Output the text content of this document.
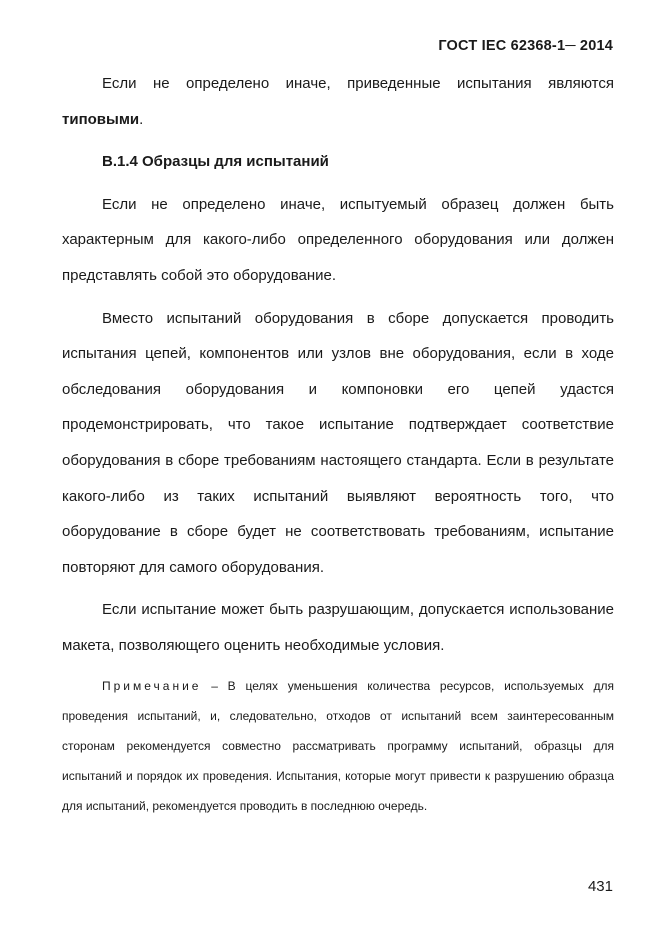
ГОСТ IEC 62368-1─ 2014

Если не определено иначе, приведенные испытания являются типовыми.

B.1.4 Образцы для испытаний

Если не определено иначе, испытуемый образец должен быть характерным для какого-либо определенного оборудования или должен представлять собой это оборудование.

Вместо испытаний оборудования в сборе допускается проводить испытания цепей, компонентов или узлов вне оборудования, если в ходе обследования оборудования и компоновки его цепей удастся продемонстрировать, что такое испытание подтверждает соответствие оборудования в сборе требованиям настоящего стандарта. Если в результате какого-либо из таких испытаний выявляют вероятность того, что оборудование в сборе будет не соответствовать требованиям, испытание повторяют для самого оборудования.

Если испытание может быть разрушающим, допускается использование макета, позволяющего оценить необходимые условия.

Примечание – В целях уменьшения количества ресурсов, используемых для проведения испытаний, и, следовательно, отходов от испытаний всем заинтересованным сторонам рекомендуется совместно рассматривать программу испытаний, образцы для испытаний и порядок их проведения. Испытания, которые могут привести к разрушению образца для испытаний, рекомендуется проводить в последнюю очередь.

431
